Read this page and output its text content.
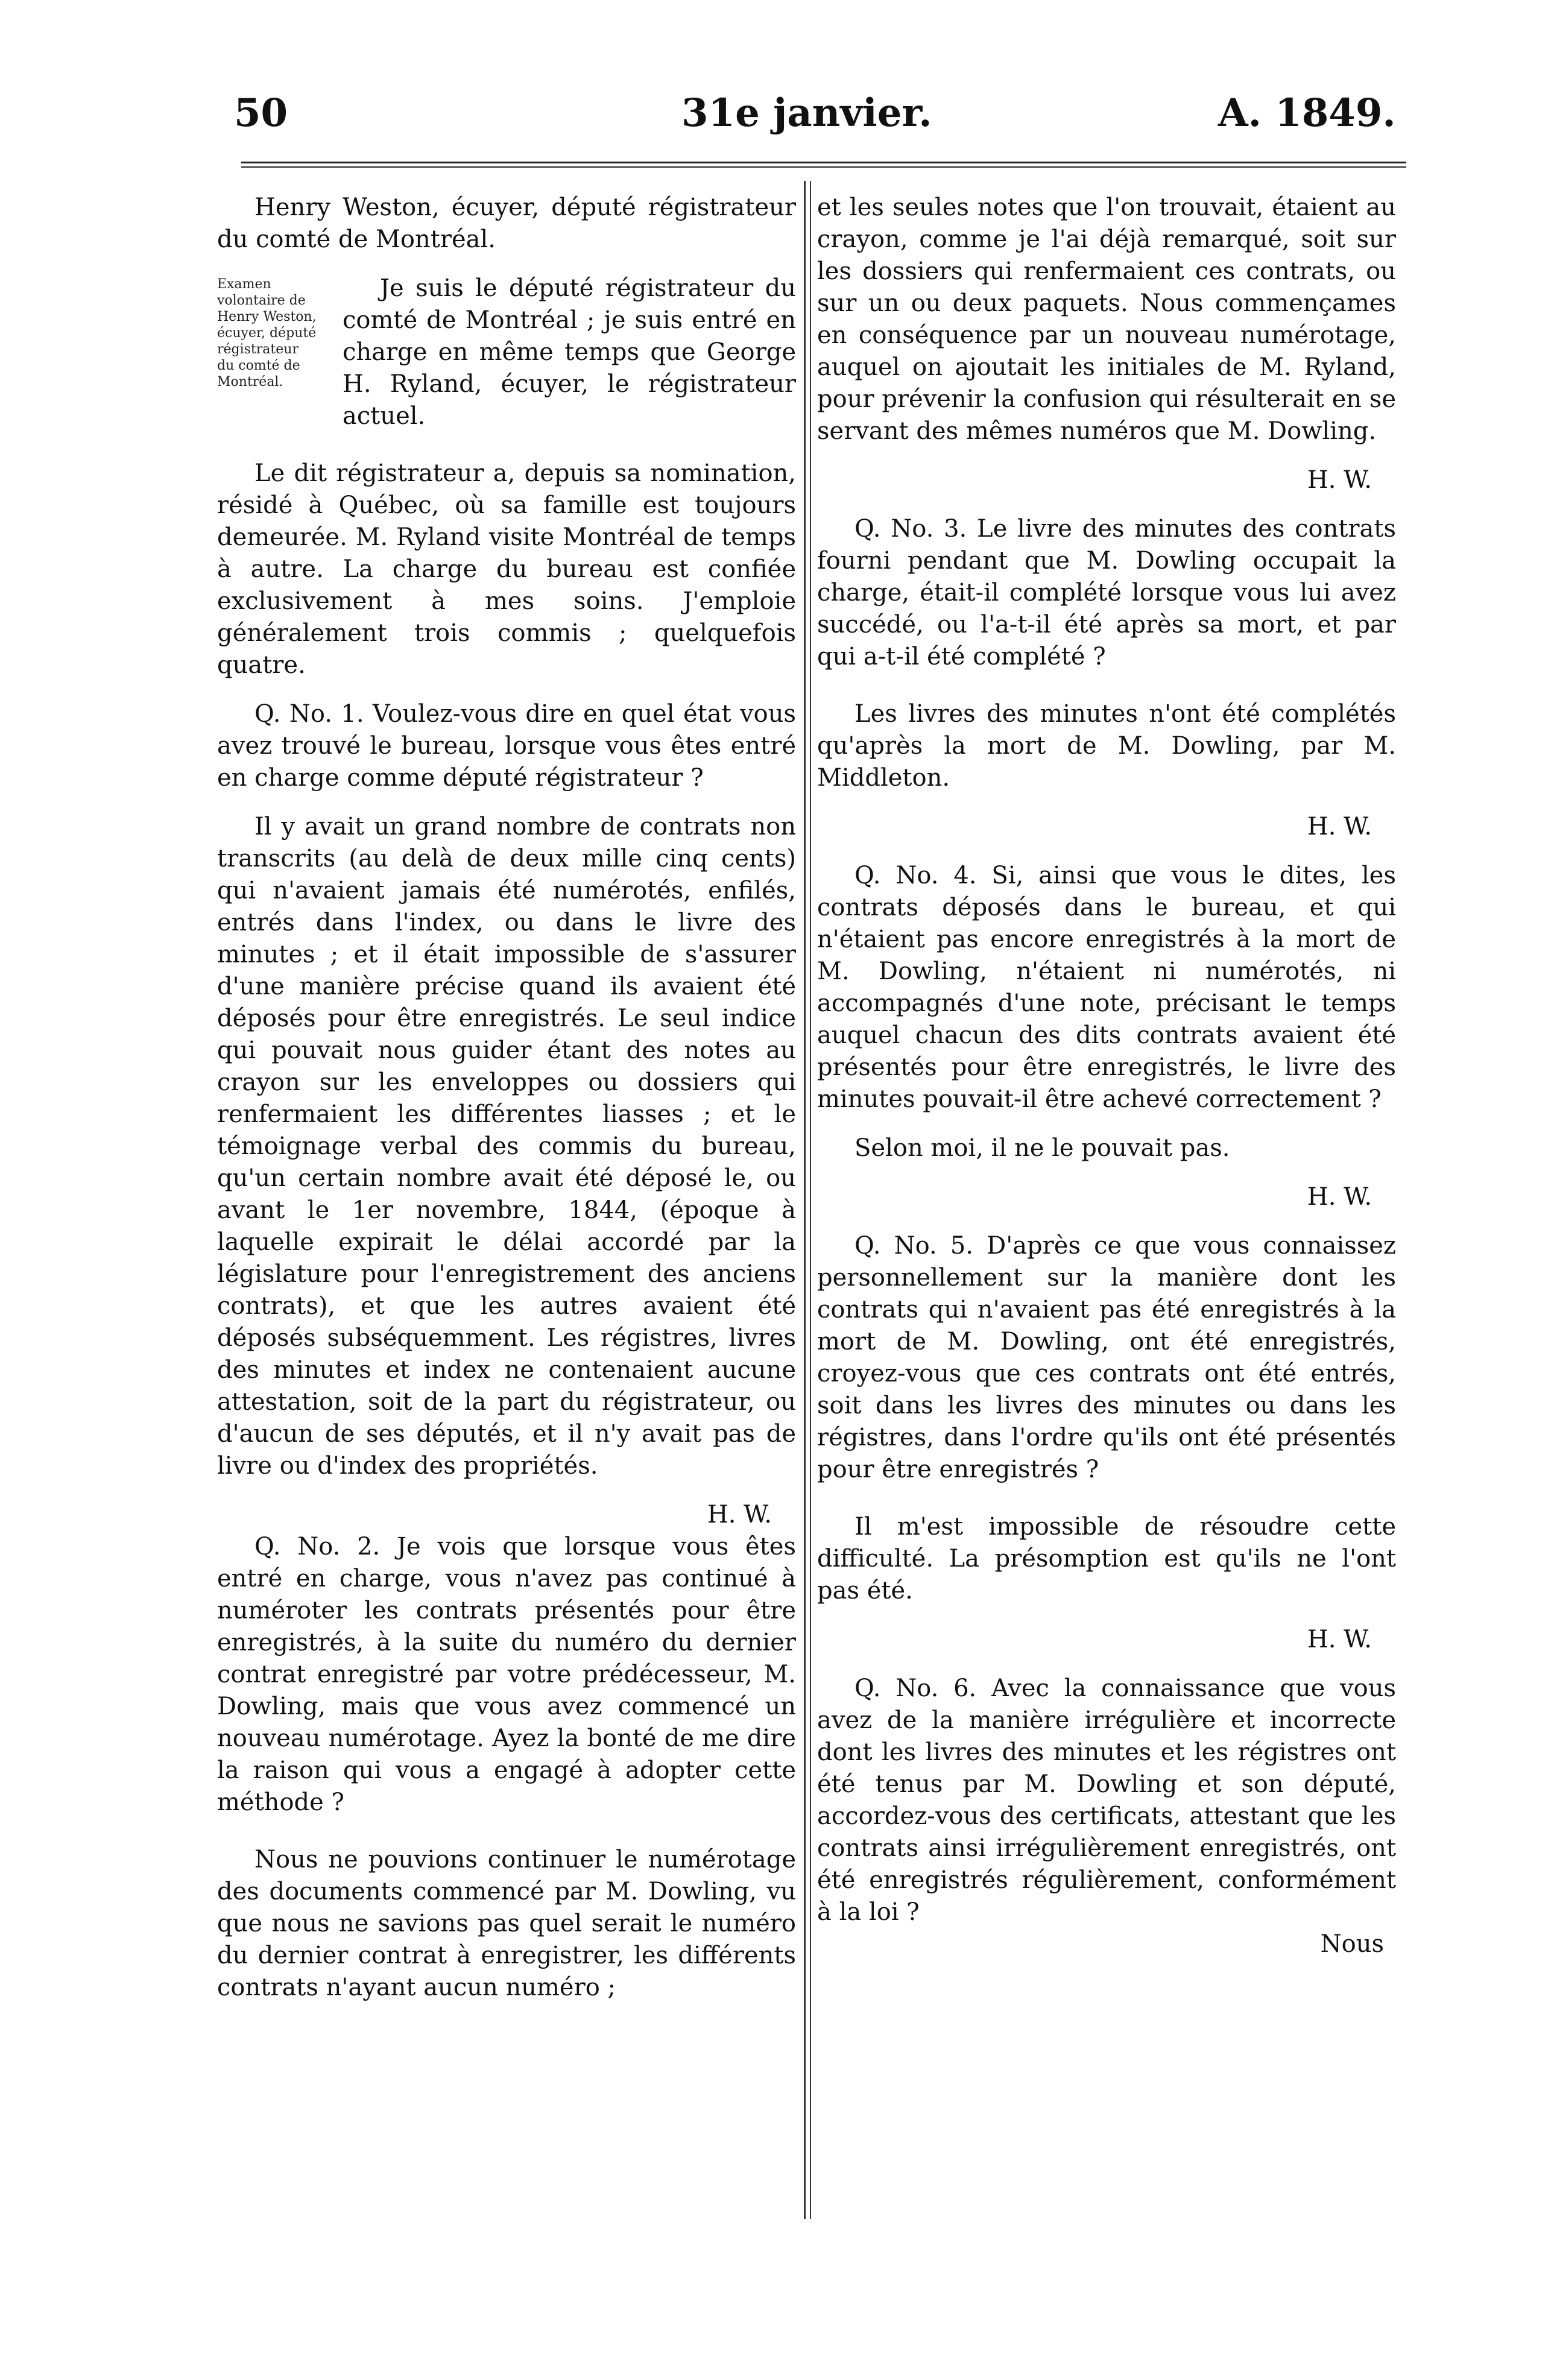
50	31e janvier.	A. 1849.

Henry Weston, écuyer, député régistrateur du comté de Montréal.

Examen volontaire de Henry Weston, écuyer, député régistrateur du comté de Montréal.

Je suis le député régistrateur du comté de Montréal ; je suis entré en charge en même temps que George H. Ryland, écuyer, le régistrateur actuel.

Le dit régistrateur a, depuis sa nomination, résidé à Québec, où sa famille est toujours demeurée. M. Ryland visite Montréal de temps à autre. La charge du bureau est confiée exclusivement à mes soins. J'emploie généralement trois commis ; quelquefois quatre.

Q. No. 1. Voulez-vous dire en quel état vous avez trouvé le bureau, lorsque vous êtes entré en charge comme député régistrateur ?

Il y avait un grand nombre de contrats non transcrits (au delà de deux mille cinq cents) qui n'avaient jamais été numérotés, enfilés, entrés dans l'index, ou dans le livre des minutes ; et il était impossible de s'assurer d'une manière précise quand ils avaient été déposés pour être enregistrés. Le seul indice qui pouvait nous guider étant des notes au crayon sur les enveloppes ou dossiers qui renfermaient les différentes liasses ; et le témoignage verbal des commis du bureau, qu'un certain nombre avait été déposé le, ou avant le 1er novembre, 1844, (époque à laquelle expirait le délai accordé par la législature pour l'enregistrement des anciens contrats), et que les autres avaient été déposés subséquemment. Les régistres, livres des minutes et index ne contenaient aucune attestation, soit de la part du régistrateur, ou d'aucun de ses députés, et il n'y avait pas de livre ou d'index des propriétés.

H. W.

Q. No. 2. Je vois que lorsque vous êtes entré en charge, vous n'avez pas continué à numéroter les contrats présentés pour être enregistrés, à la suite du numéro du dernier contrat enregistré par votre prédécesseur, M. Dowling, mais que vous avez commencé un nouveau numérotage. Ayez la bonté de me dire la raison qui vous a engagé à adopter cette méthode ?

Nous ne pouvions continuer le numérotage des documents commencé par M. Dowling, vu que nous ne savions pas quel serait le numéro du dernier contrat à enregistrer, les différents contrats n'ayant aucun numéro ;

et les seules notes que l'on trouvait, étaient au crayon, comme je l'ai déjà remarqué, soit sur les dossiers qui renfermaient ces contrats, ou sur un ou deux paquets. Nous commençames en conséquence par un nouveau numérotage, auquel on ajoutait les initiales de M. Ryland, pour prévenir la confusion qui résulterait en se servant des mêmes numéros que M. Dowling.

H. W.

Q. No. 3. Le livre des minutes des contrats fourni pendant que M. Dowling occupait la charge, était-il complété lorsque vous lui avez succédé, ou l'a-t-il été après sa mort, et par qui a-t-il été complété ?

Les livres des minutes n'ont été complétés qu'après la mort de M. Dowling, par M. Middleton.

H. W.

Q. No. 4. Si, ainsi que vous le dites, les contrats déposés dans le bureau, et qui n'étaient pas encore enregistrés à la mort de M. Dowling, n'étaient ni numérotés, ni accompagnés d'une note, précisant le temps auquel chacun des dits contrats avaient été présentés pour être enregistrés, le livre des minutes pouvait-il être achevé correctement ?

Selon moi, il ne le pouvait pas.

H. W.

Q. No. 5. D'après ce que vous connaissez personnellement sur la manière dont les contrats qui n'avaient pas été enregistrés à la mort de M. Dowling, ont été enregistrés, croyez-vous que ces contrats ont été entrés, soit dans les livres des minutes ou dans les régistres, dans l'ordre qu'ils ont été présentés pour être enregistrés ?

Il m'est impossible de résoudre cette difficulté. La présomption est qu'ils ne l'ont pas été.

H. W.

Q. No. 6. Avec la connaissance que vous avez de la manière irrégulière et incorrecte dont les livres des minutes et les régistres ont été tenus par M. Dowling et son député, accordez-vous des certificats, attestant que les contrats ainsi irrégulièrement enregistrés, ont été enregistrés régulièrement, conformément à la loi ?

Nous
